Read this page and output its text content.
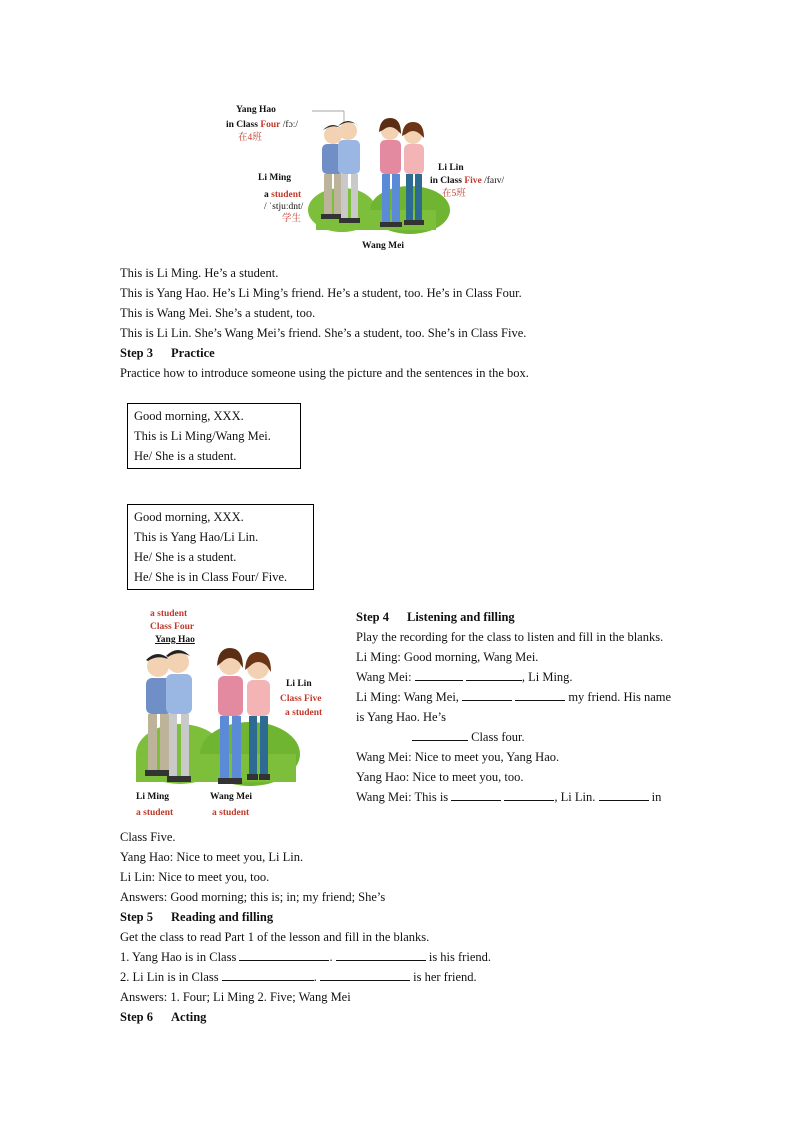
Yang Hao
in Class Four /fɔː/
在4班
Li Ming
a student
/ ˈstjuːdnt/
学生
Li Lin
in Class Five /faɪv/
在5班
Wang Mei
This is Li Ming. He’s a student.
This is Yang Hao. He’s Li Ming’s friend. He’s a student, too. He’s in Class Four.
This is Wang Mei. She’s a student, too.
This is Li Lin. She’s Wang Mei’s friend. She’s a student, too. She’s in Class Five.
Step 3 Practice
Practice how to introduce someone using the picture and the sentences in the box.
Good morning, XXX.
This is Li Ming/Wang Mei.
He/ She is a student.
Good morning, XXX.
This is Yang Hao/Li Lin.
He/ She is a student.
He/ She is in Class Four/ Five.
a student
Class Four
Yang Hao
Li Lin
Class Five
a student
Li Ming
a student
Wang Mei
a student
Step 4 Listening and filling
Play the recording for the class to listen and fill in the blanks.
Li Ming: Good morning, Wang Mei.
Wang Mei:	, Li Ming.
Li Ming: Wang Mei,	my friend. His name is Yang Hao. He’s
Class four.
Wang Mei: Nice to meet you, Yang Hao.
Yang Hao: Nice to meet you, too.
Wang Mei: This is	, Li Lin.	in
Class Five.
Yang Hao: Nice to meet you, Li Lin.
Li Lin: Nice to meet you, too.
Answers: Good morning; this is; in; my friend; She’s
Step 5 Reading and filling
Get the class to read Part 1 of the lesson and fill in the blanks.
1. Yang Hao is in Class	.	is his friend.
2. Li Lin is in Class	.	is her friend.
Answers: 1. Four; Li Ming 2. Five; Wang Mei
Step 6 Acting
